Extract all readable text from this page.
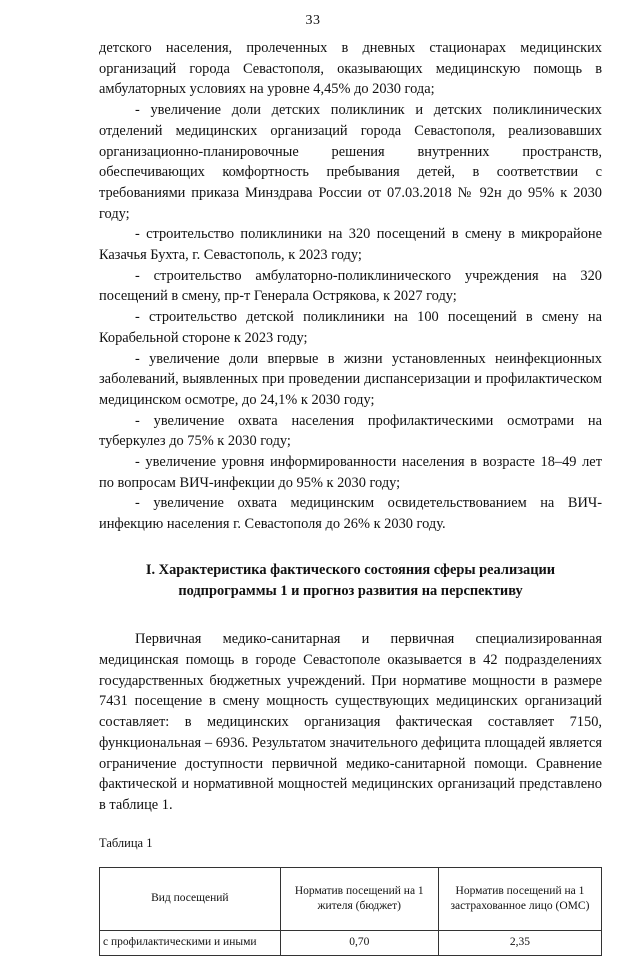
33

детского населения, пролеченных в дневных стационарах медицинских организаций города Севастополя, оказывающих медицинскую помощь в амбулаторных условиях на уровне 4,45% до 2030 года;

- увеличение доли детских поликлиник и детских поликлинических отделений медицинских организаций города Севастополя, реализовавших организационно-планировочные решения внутренних пространств, обеспечивающих комфортность пребывания детей, в соответствии с требованиями приказа Минздрава России от 07.03.2018 № 92н до 95% к 2030 году;

- строительство поликлиники на 320 посещений в смену в микрорайоне Казачья Бухта, г. Севастополь, к 2023 году;

- строительство амбулаторно-поликлинического учреждения на 320 посещений в смену, пр-т Генерала Острякова, к 2027 году;

- строительство детской поликлиники на 100 посещений в смену на Корабельной стороне к 2023 году;

- увеличение доли впервые в жизни установленных неинфекционных заболеваний, выявленных при проведении диспансеризации и профилактическом медицинском осмотре, до 24,1% к 2030 году;

- увеличение охвата населения профилактическими осмотрами на туберкулез до 75% к 2030 году;

- увеличение уровня информированности населения в возрасте 18–49 лет по вопросам ВИЧ-инфекции до 95% к 2030 году;

- увеличение охвата медицинским освидетельствованием на ВИЧ-инфекцию населения г. Севастополя до 26% к 2030 году.

I. Характеристика фактического состояния сферы реализации подпрограммы 1 и прогноз развития на перспективу

Первичная медико-санитарная и первичная специализированная медицинская помощь в городе Севастополе оказывается в 42 подразделениях государственных бюджетных учреждений. При нормативе мощности в размере 7431 посещение в смену мощность существующих медицинских организаций составляет: в медицинских организация фактическая составляет 7150, функциональная – 6936. Результатом значительного дефицита площадей является ограничение доступности первичной медико-санитарной помощи. Сравнение фактической и нормативной мощностей медицинских организаций представлено в таблице 1.

Таблица 1
Вид посещений	Норматив посещений на 1 жителя (бюджет)	Норматив посещений на 1 застрахованное лицо (ОМС)
с профилактическими и иными	0,70	2,35
